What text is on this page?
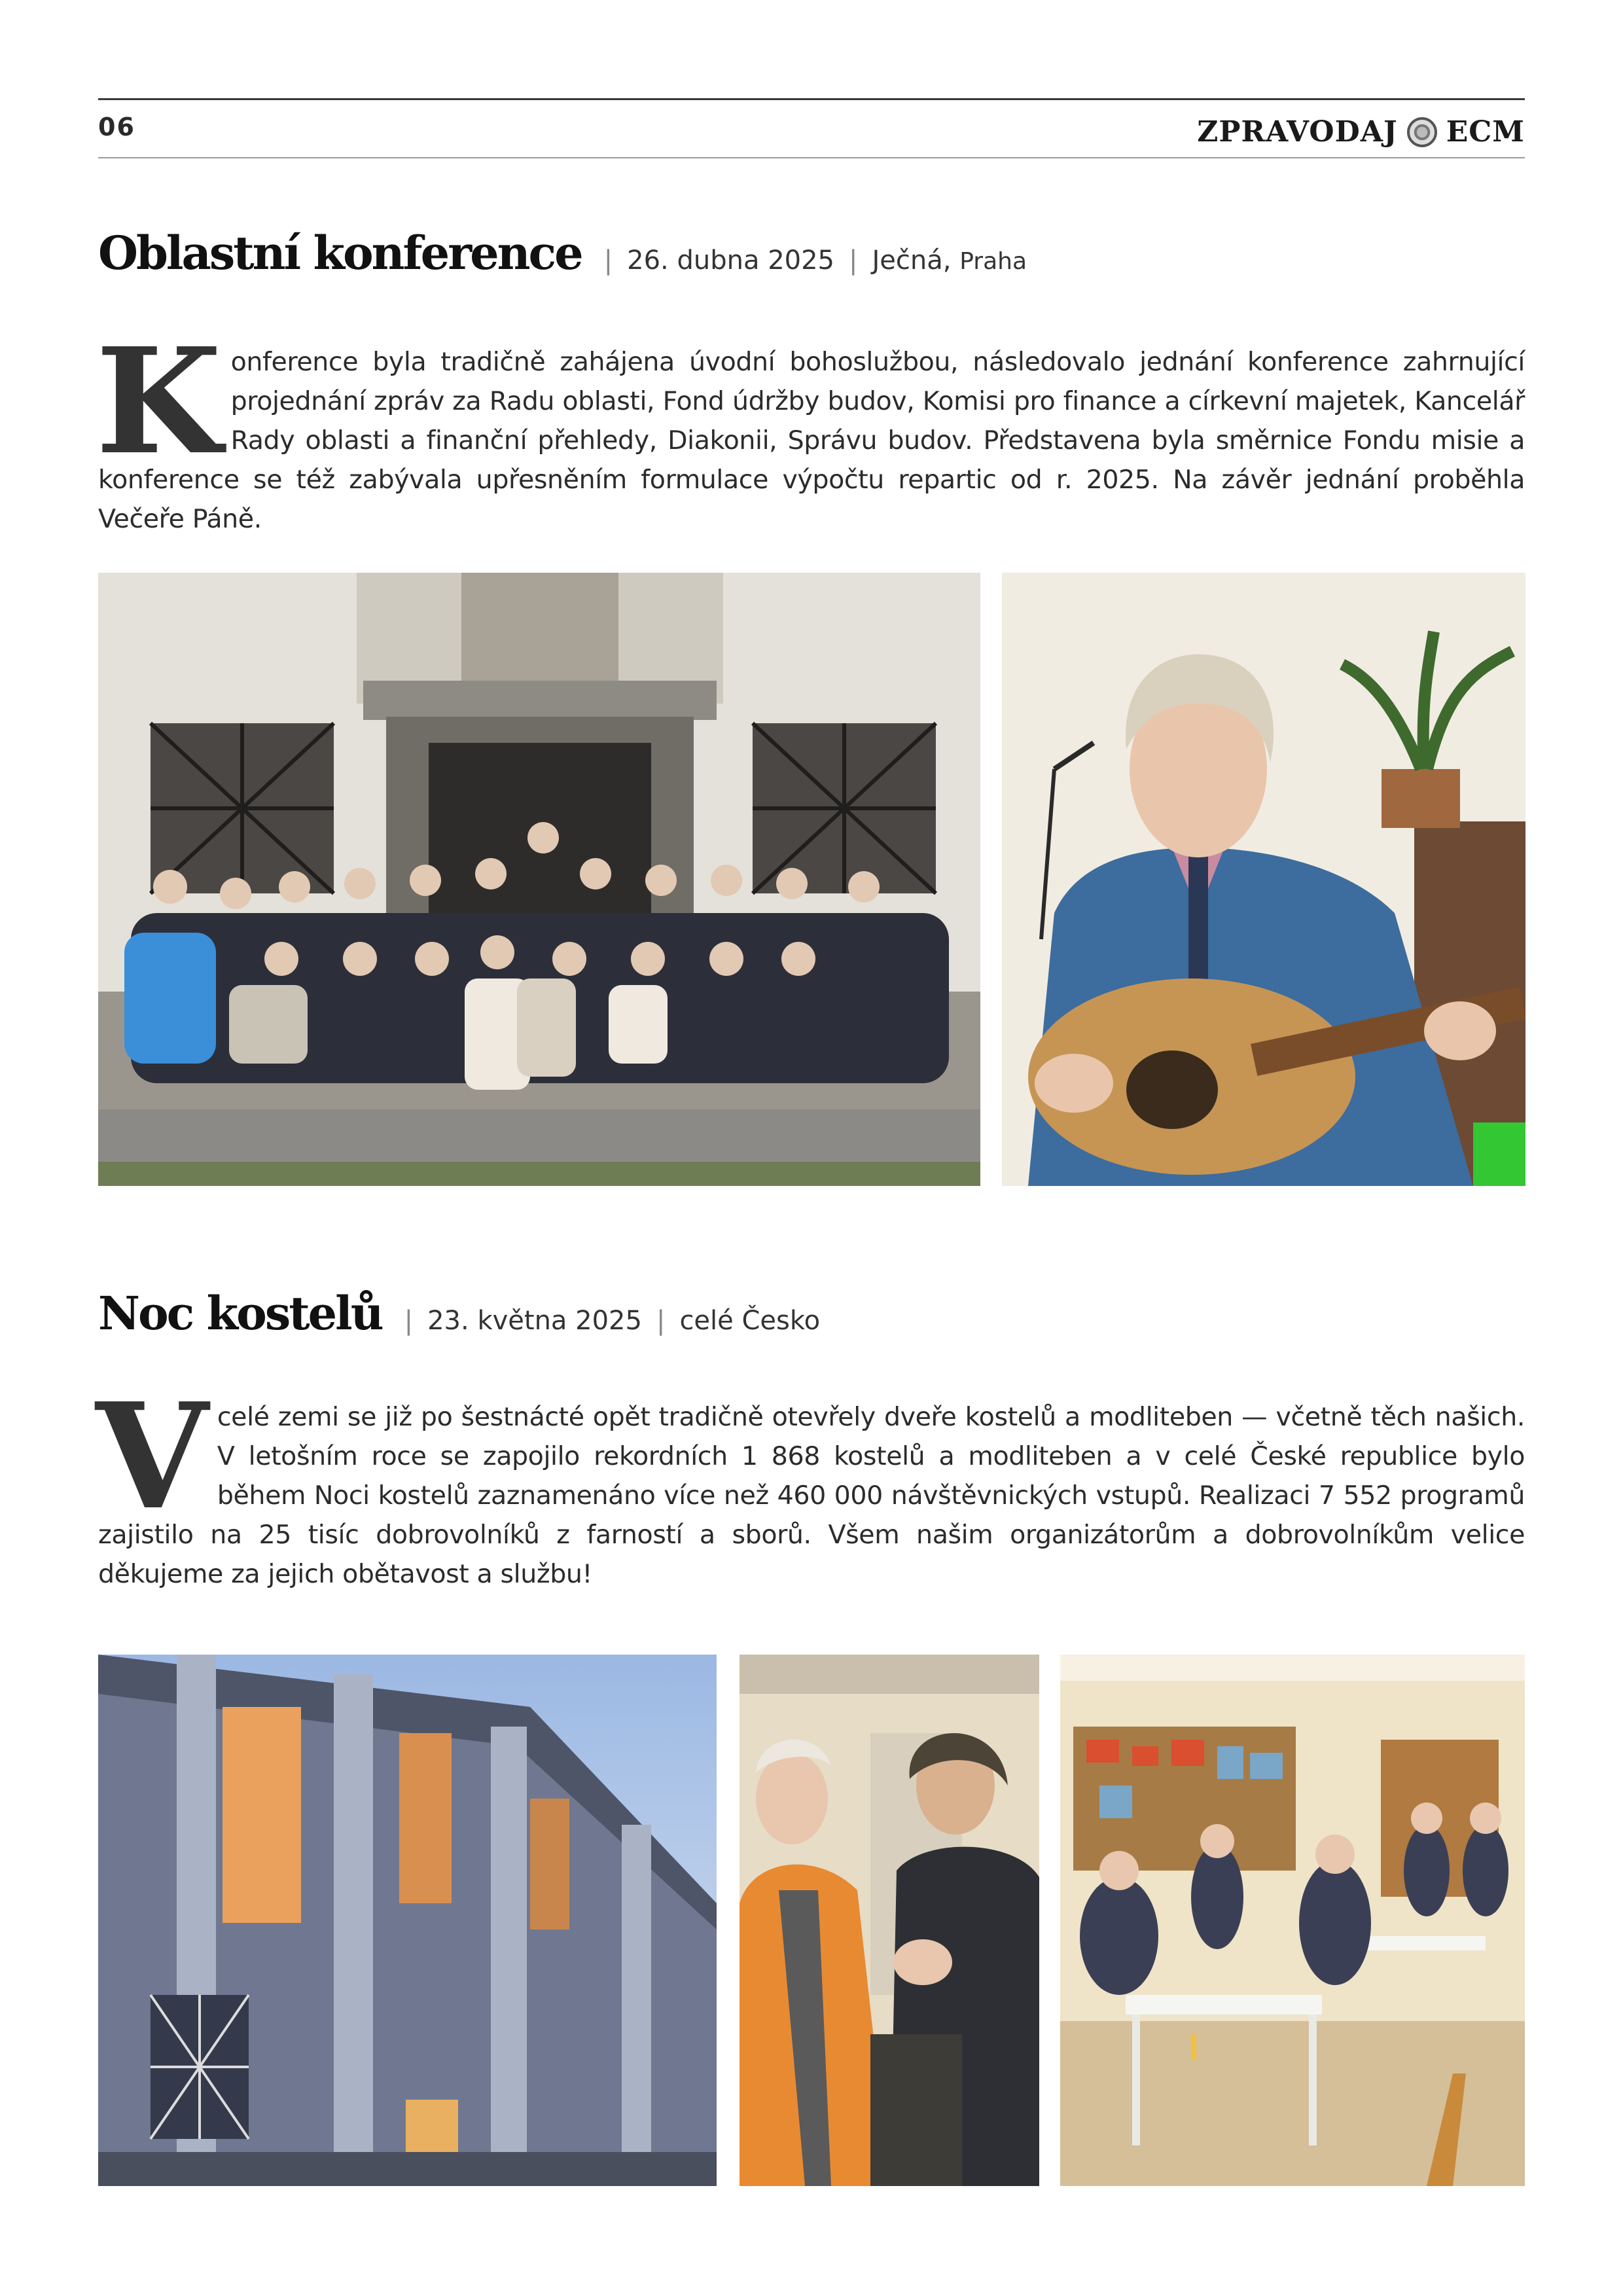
06	ZPRAVODAJ ECM
Oblastní konference | 26. dubna 2025 | Ječná, Praha
Konference byla tradičně zahájena úvodní bohoslužbou, následovalo jednání konference zahrnující projednání zpráv za Radu oblasti, Fond údržby budov, Komisi pro finance a církevní majetek, Kancelář Rady oblasti a finanční přehledy, Diakonii, Správu budov. Představena byla směrnice Fondu misie a konference se též zabývala upřesněním formulace výpočtu repartic od r. 2025. Na závěr jednání proběhla Večeře Páně.
Noc kostelů | 23. května 2025 | celé Česko
Vcelé zemi se již po šestnácté opět tradičně otevřely dveře kostelů a modliteben — včetně těch našich. V letošním roce se zapojilo rekordních 1 868 kostelů a modliteben a v celé České republice bylo během Noci kostelů zaznamenáno více než 460 000 návštěvnických vstupů. Realizaci 7 552 programů zajistilo na 25 tisíc dobrovolníků z farností a sborů. Všem našim organizátorům a dobrovolníkům velice děkujeme za jejich obětavost a službu!
